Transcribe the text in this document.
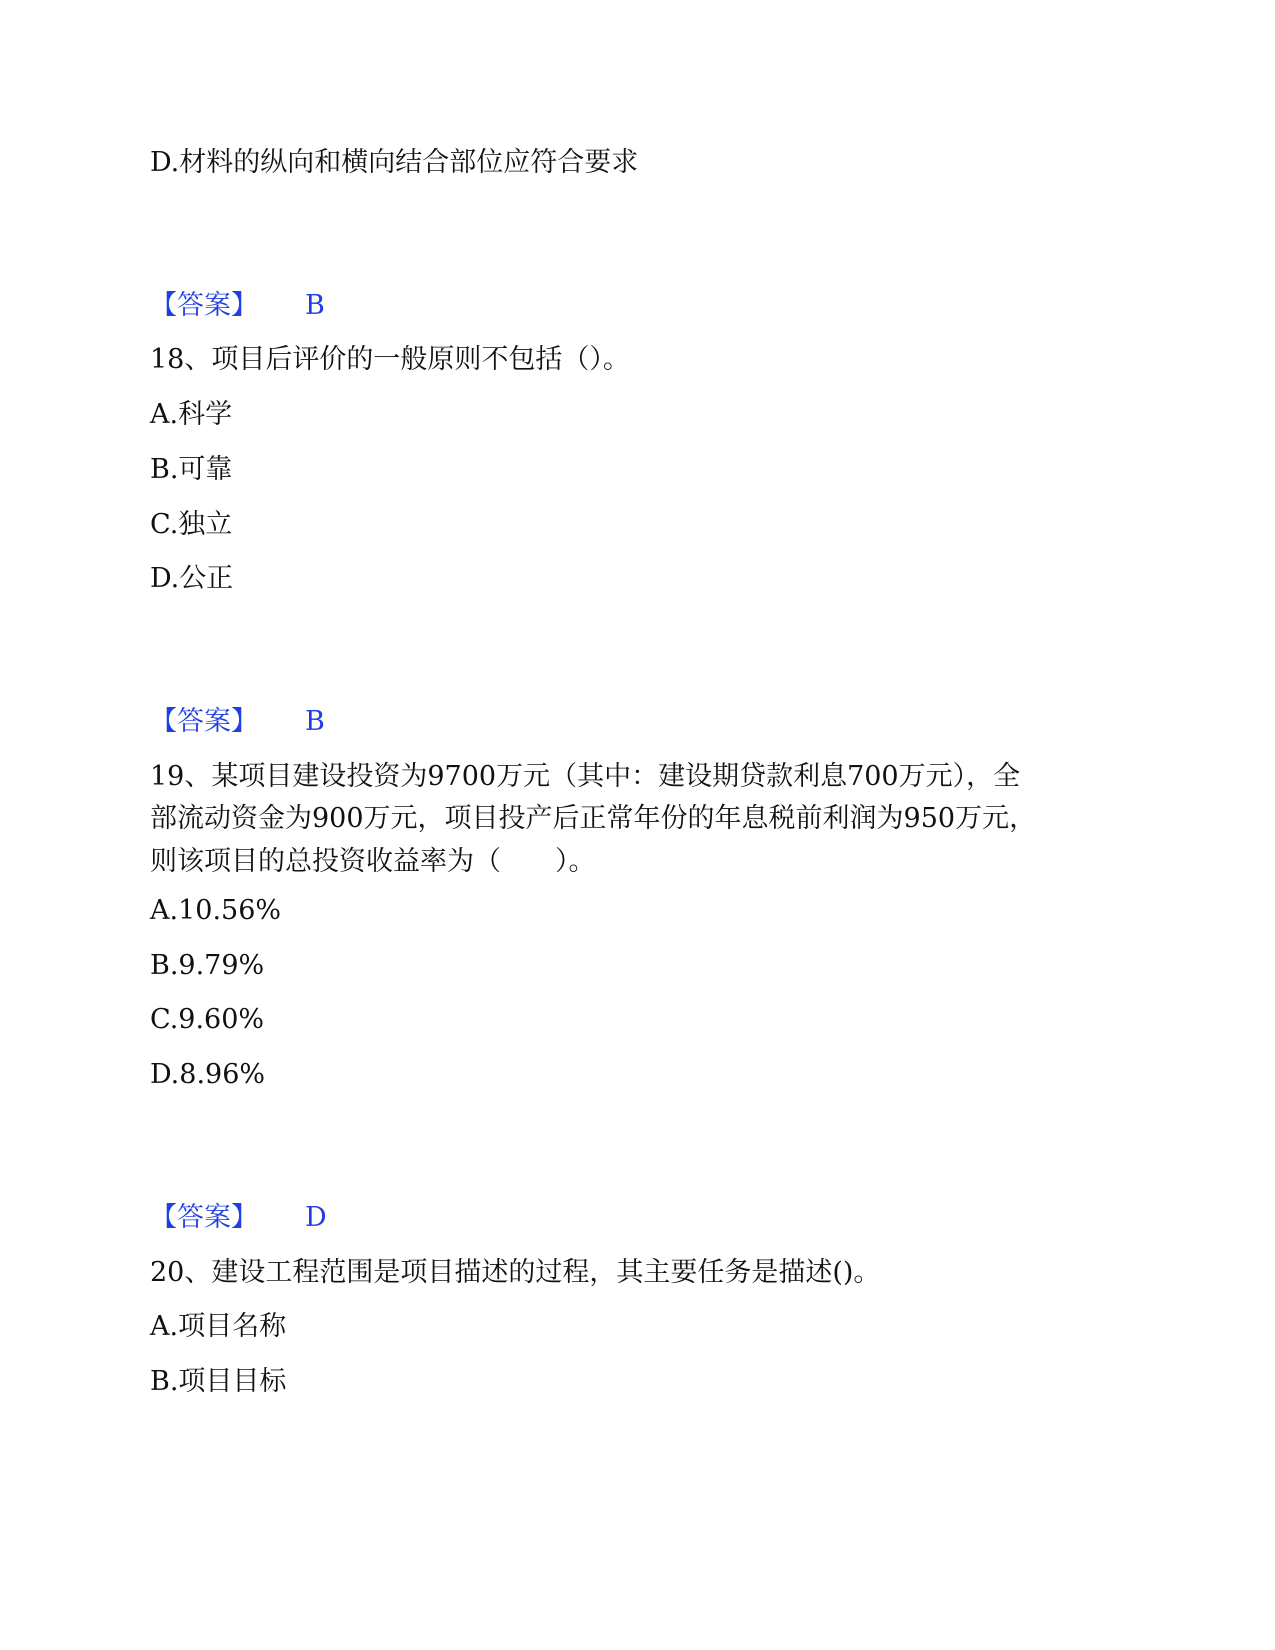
D.材料的纵向和横向结合部位应符合要求

【答案】 B

18、项目后评价的一般原则不包括（）。

A.科学

B.可靠

C.独立

D.公正

【答案】 B

19、某项目建设投资为9700万元（其中：建设期贷款利息700万元），全

部流动资金为900万元，项目投产后正常年份的年息税前利润为950万元，

则该项目的总投资收益率为（　　）。

A.10.56%

B.9.79%

C.9.60%

D.8.96%

【答案】 D

20、建设工程范围是项目描述的过程，其主要任务是描述()。

A.项目名称

B.项目目标
